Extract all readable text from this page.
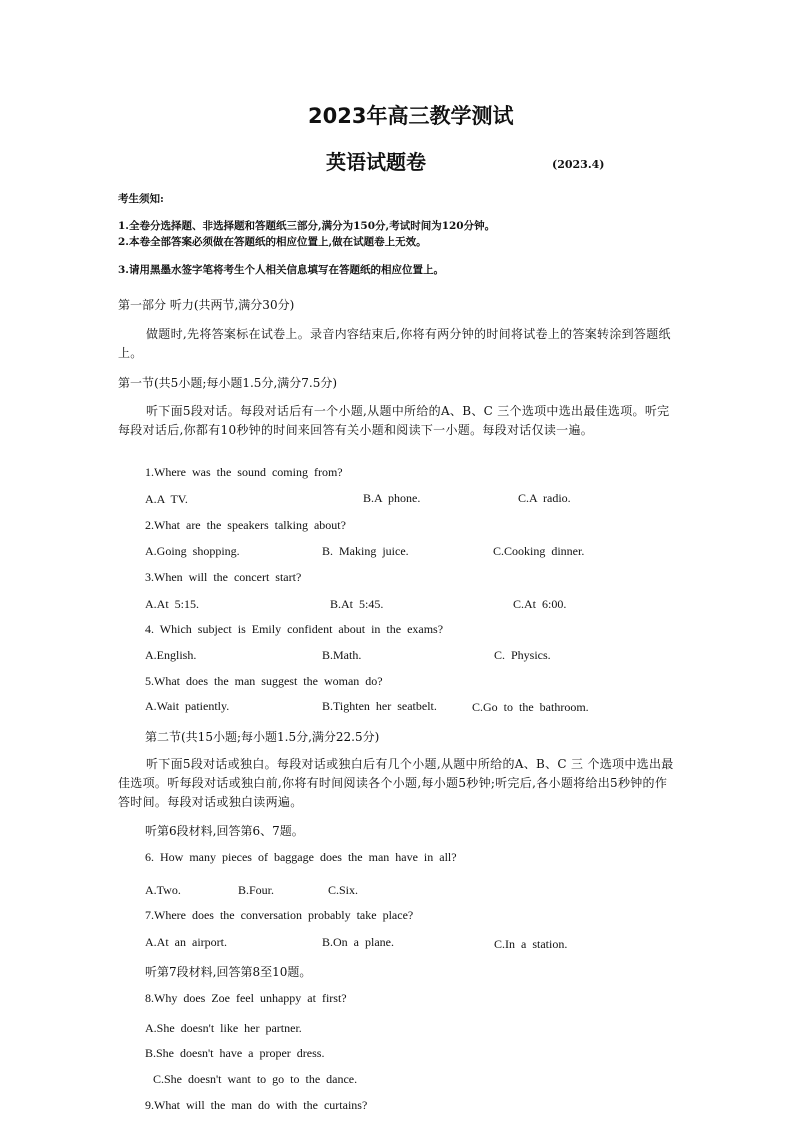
2023年高三教学测试
英语试题卷	(2023.4)
考生须知:
1.全卷分选择题、非选择题和答题纸三部分,满分为150分,考试时间为120分钟。
2.本卷全部答案必须做在答题纸的相应位置上,做在试题卷上无效。
3.请用黑墨水签字笔将考生个人相关信息填写在答题纸的相应位置上。
第一部分 听力(共两节,满分30分)
做题时,先将答案标在试卷上。录音内容结束后,你将有两分钟的时间将试卷上的答案转涂到答题纸上。
第一节(共5小题;每小题1.5分,满分7.5分)
听下面5段对话。每段对话后有一个小题,从题中所给的A、B、C 三个选项中选出最佳选项。听完每段对话后,你都有10秒钟的时间来回答有关小题和阅读下一小题。每段对话仅读一遍。
1.Where was the sound coming from?
A.A TV.	B.A phone.	C.A radio.
2.What are the speakers talking about?
A.Going shopping.	B. Making juice.	C.Cooking dinner.
3.When will the concert start?
A.At 5:15.	B.At 5:45.	C.At 6:00.
4. Which subject is Emily confident about in the exams?
A.English.	B.Math.	C. Physics.
5.What does the man suggest the woman do?
A.Wait patiently.	B.Tighten her seatbelt.	C.Go to the bathroom.
第二节(共15小题;每小题1.5分,满分22.5分)
听下面5段对话或独白。每段对话或独白后有几个小题,从题中所给的A、B、C 三 个选项中选出最佳选项。听每段对话或独白前,你将有时间阅读各个小题,每小题5秒钟;听完后,各小题将给出5秒钟的作答时间。每段对话或独白读两遍。
听第6段材料,回答第6、7题。
6. How many pieces of baggage does the man have in all?
A.Two.	B.Four.	C.Six.
7.Where does the conversation probably take place?
A.At an airport.	B.On a plane.	C.In a station.
听第7段材料,回答第8至10题。
8.Why does Zoe feel unhappy at first?
A.She doesn't like her partner.
B.She doesn't have a proper dress.
C.She doesn't want to go to the dance.
9.What will the man do with the curtains?
